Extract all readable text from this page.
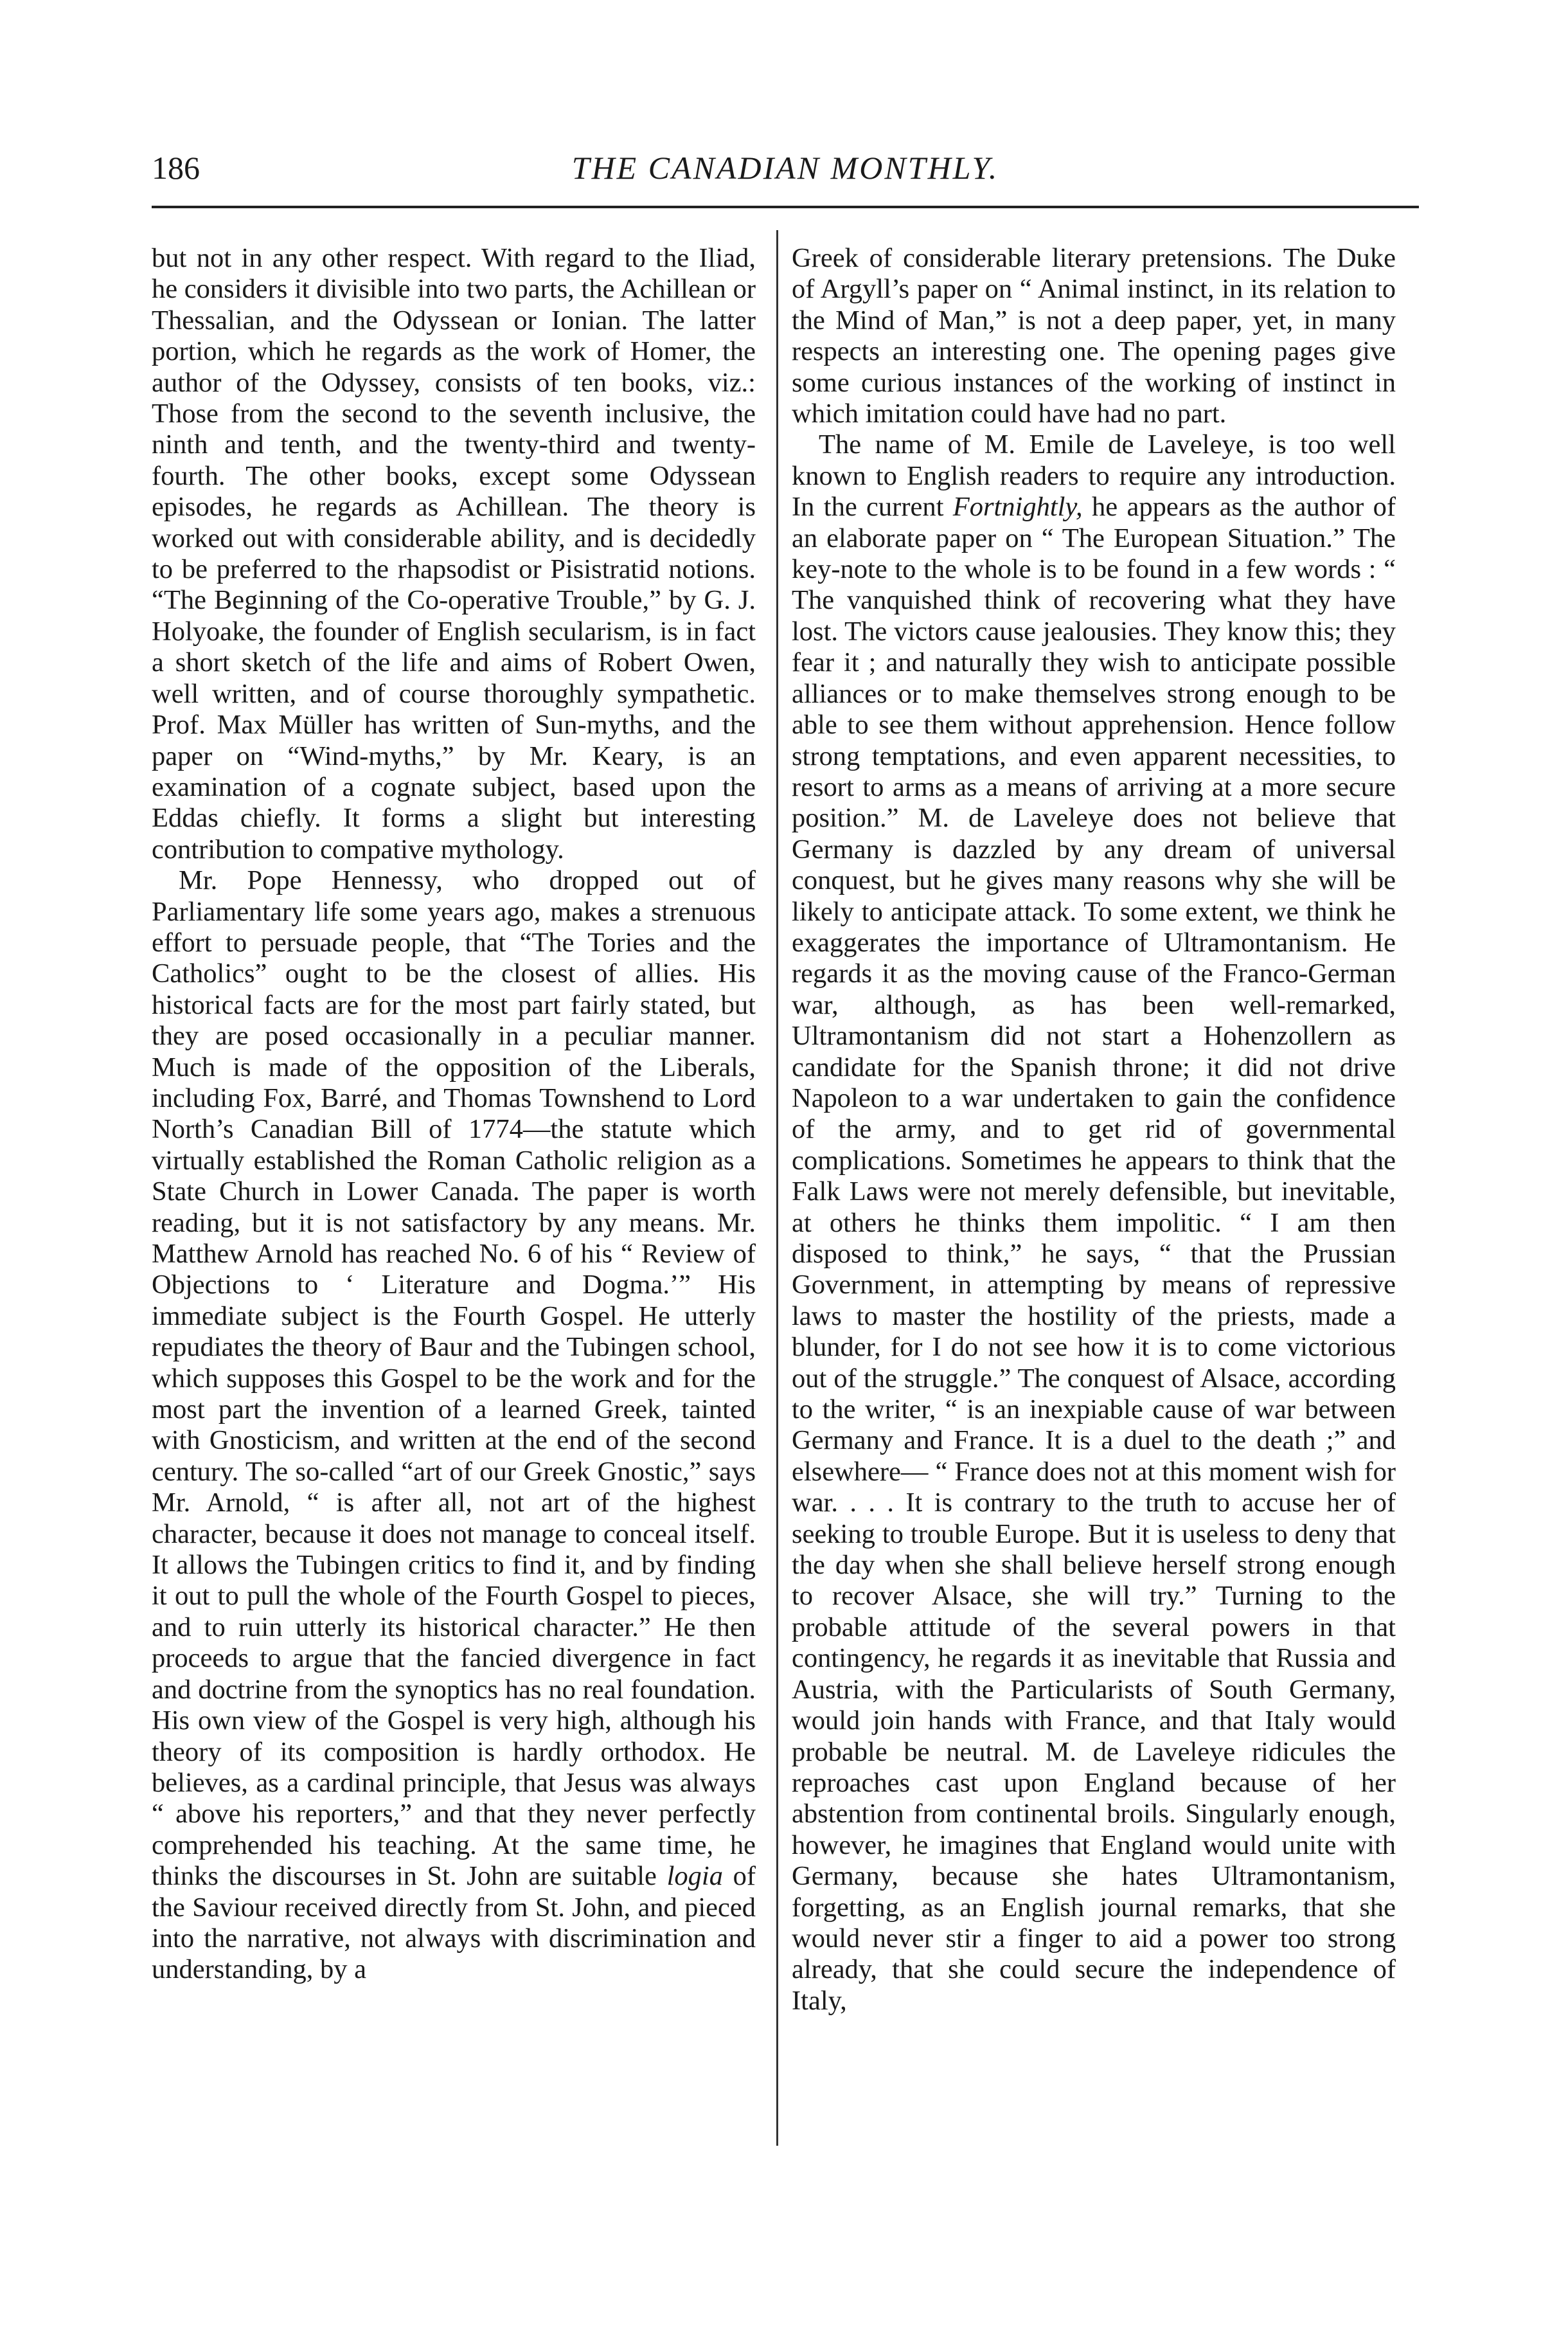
186	THE CANADIAN MONTHLY.

but not in any other respect. With regard to the Iliad, he considers it divisible into two parts, the Achillean or Thessalian, and the Odyssean or Ionian. The latter portion, which he regards as the work of Homer, the author of the Odyssey, consists of ten books, viz.: Those from the second to the seventh inclusive, the ninth and tenth, and the twenty-third and twenty-fourth. The other books, except some Odyssean episodes, he regards as Achillean. The theory is worked out with considerable ability, and is decidedly to be preferred to the rhapsodist or Pisistratid notions. “The Beginning of the Co-operative Trouble,” by G. J. Holyoake, the founder of English secularism, is in fact a short sketch of the life and aims of Robert Owen, well written, and of course thoroughly sympathetic. Prof. Max Müller has written of Sun-myths, and the paper on “Wind-myths,” by Mr. Keary, is an examination of a cognate subject, based upon the Eddas chiefly. It forms a slight but interesting contribution to compative mythology.

Mr. Pope Hennessy, who dropped out of Parliamentary life some years ago, makes a strenuous effort to persuade people, that “The Tories and the Catholics” ought to be the closest of allies. His historical facts are for the most part fairly stated, but they are posed occasionally in a peculiar manner. Much is made of the opposition of the Liberals, including Fox, Barré, and Thomas Townshend to Lord North’s Canadian Bill of 1774—the statute which virtually established the Roman Catholic religion as a State Church in Lower Canada. The paper is worth reading, but it is not satisfactory by any means. Mr. Matthew Arnold has reached No. 6 of his “ Review of Objections to ‘ Literature and Dogma.’” His immediate subject is the Fourth Gospel. He utterly repudiates the theory of Baur and the Tubingen school, which supposes this Gospel to be the work and for the most part the invention of a learned Greek, tainted with Gnosticism, and written at the end of the second century. The so-called “art of our Greek Gnostic,” says Mr. Arnold, “ is after all, not art of the highest character, because it does not manage to conceal itself. It allows the Tubingen critics to find it, and by finding it out to pull the whole of the Fourth Gospel to pieces, and to ruin utterly its historical character.” He then proceeds to argue that the fancied divergence in fact and doctrine from the synoptics has no real foundation. His own view of the Gospel is very high, although his theory of its composition is hardly orthodox. He believes, as a cardinal principle, that Jesus was always “ above his reporters,” and that they never perfectly comprehended his teaching. At the same time, he thinks the discourses in St. John are suitable logia of the Saviour received directly from St. John, and pieced into the narrative, not always with discrimination and understanding, by a

Greek of considerable literary pretensions. The Duke of Argyll’s paper on “ Animal instinct, in its relation to the Mind of Man,” is not a deep paper, yet, in many respects an interesting one. The opening pages give some curious instances of the working of instinct in which imitation could have had no part.

The name of M. Emile de Laveleye, is too well known to English readers to require any introduction. In the current Fortnightly, he appears as the author of an elaborate paper on “ The European Situation.” The key-note to the whole is to be found in a few words : “ The vanquished think of recovering what they have lost. The victors cause jealousies. They know this; they fear it ; and naturally they wish to anticipate possible alliances or to make themselves strong enough to be able to see them without apprehension. Hence follow strong temptations, and even apparent necessities, to resort to arms as a means of arriving at a more secure position.” M. de Laveleye does not believe that Germany is dazzled by any dream of universal conquest, but he gives many reasons why she will be likely to anticipate attack. To some extent, we think he exaggerates the importance of Ultramontanism. He regards it as the moving cause of the Franco-German war, although, as has been well-remarked, Ultramontanism did not start a Hohenzollern as candidate for the Spanish throne; it did not drive Napoleon to a war undertaken to gain the confidence of the army, and to get rid of governmental complications. Sometimes he appears to think that the Falk Laws were not merely defensible, but inevitable, at others he thinks them impolitic. “ I am then disposed to think,” he says, “ that the Prussian Government, in attempting by means of repressive laws to master the hostility of the priests, made a blunder, for I do not see how it is to come victorious out of the struggle.” The conquest of Alsace, according to the writer, “ is an inexpiable cause of war between Germany and France. It is a duel to the death ;” and elsewhere— “ France does not at this moment wish for war. . . . It is contrary to the truth to accuse her of seeking to trouble Europe. But it is useless to deny that the day when she shall believe herself strong enough to recover Alsace, she will try.” Turning to the probable attitude of the several powers in that contingency, he regards it as inevitable that Russia and Austria, with the Particularists of South Germany, would join hands with France, and that Italy would probable be neutral. M. de Laveleye ridicules the reproaches cast upon England because of her abstention from continental broils. Singularly enough, however, he imagines that England would unite with Germany, because she hates Ultramontanism, forgetting, as an English journal remarks, that she would never stir a finger to aid a power too strong already, that she could secure the independence of Italy,
